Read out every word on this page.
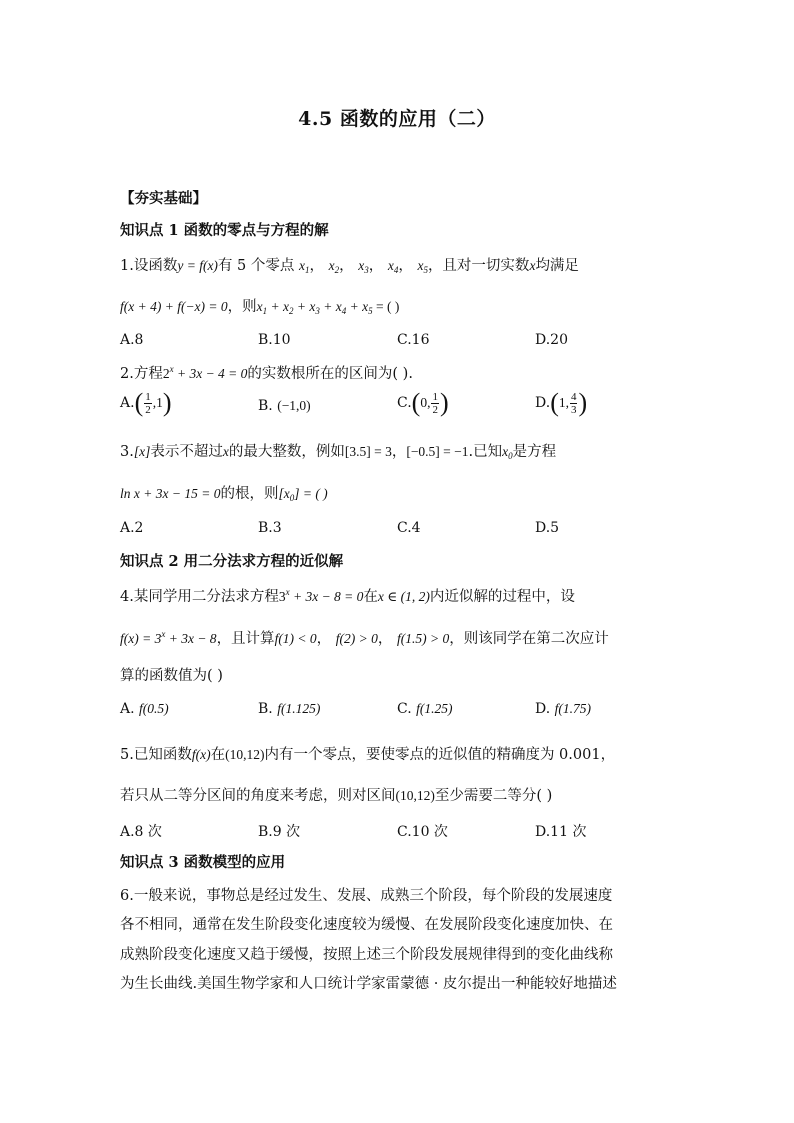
4.5 函数的应用（二）
【夯实基础】
知识点 1 函数的零点与方程的解
1.设函数y = f(x)有 5 个零点 $x_1$， $x_2$， $x_3$， $x_4$， $x_5$，且对一切实数x均满足
f(x + 4) + f(−x) = 0，则$x_1 + x_2 + x_3 + x_4 + x_5$ = ( )
A.8	B.10	C.16	D.20
2.方程$2^x + 3x - 4 = 0$的实数根所在的区间为( ).
$A.( \frac{1}{2} ,1)$	B. (−1,0)	C.(0, $\frac{1}{2}$ )	D.(1, $\frac{4}{3}$ )
3.[x]表示不超过x的最大整数，例如[3.5] = 3，[−0.5] = −1.已知$x_0$是方程
ln x + 3x − 15 = 0的根，则$[x_0]$ = ( )
A.2	B.3	C.4	D.5
知识点 2 用二分法求方程的近似解
4.某同学用二分法求方程$3^x + 3x - 8 = 0$在x ∈ (1, 2)内近似解的过程中，设
$f(x) = 3^x + 3x - 8$，且计算f(1) < 0， f(2) > 0， f(1.5) > 0，则该同学在第二次应计
算的函数值为( )
A. f(0.5)	B. f(1.125)	C. f(1.25)	D. f(1.75)
5.已知函数f(x)在(10,12)内有一个零点，要使零点的近似值的精确度为 0.001，
若只从二等分区间的角度来考虑，则对区间(10,12)至少需要二等分( )
A.8 次	B.9 次	C.10 次	D.11 次
知识点 3 函数模型的应用
6.一般来说，事物总是经过发生、发展、成熟三个阶段，每个阶段的发展速度
各不相同，通常在发生阶段变化速度较为缓慢、在发展阶段变化速度加快、在
成熟阶段变化速度又趋于缓慢，按照上述三个阶段发展规律得到的变化曲线称
为生长曲线.美国生物学家和人口统计学家雷蒙德 · 皮尔提出一种能较好地描述
